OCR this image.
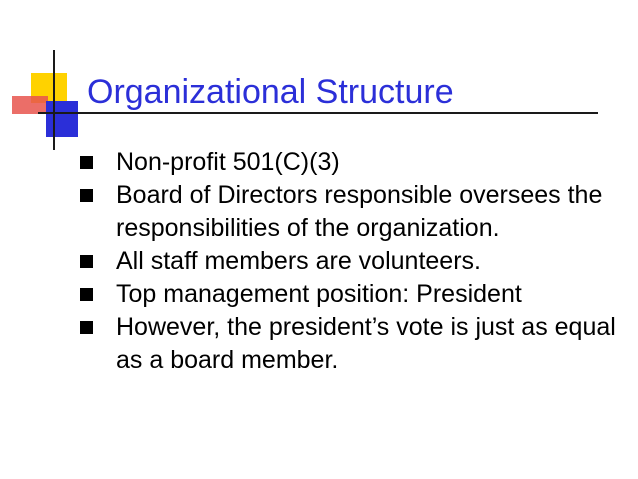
Organizational Structure
Non-profit 501(C)(3)
Board of Directors responsible oversees the responsibilities of the organization.
All staff members are volunteers.
Top management position: President
However, the president’s vote is just as equal as a board member.
